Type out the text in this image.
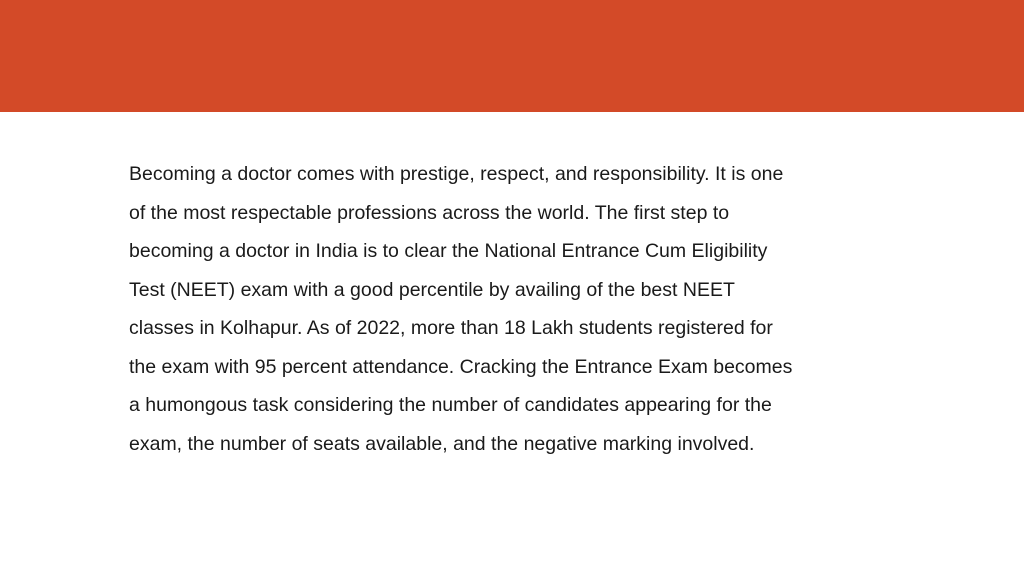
Becoming a doctor comes with prestige, respect, and responsibility. It is one
of the most respectable professions across the world. The first step to
becoming a doctor in India is to clear the National Entrance Cum Eligibility
Test (NEET) exam with a good percentile by availing of the best NEET
classes in Kolhapur. As of 2022, more than 18 Lakh students registered for
the exam with 95 percent attendance. Cracking the Entrance Exam becomes
a humongous task considering the number of candidates appearing for the
exam, the number of seats available, and the negative marking involved.
